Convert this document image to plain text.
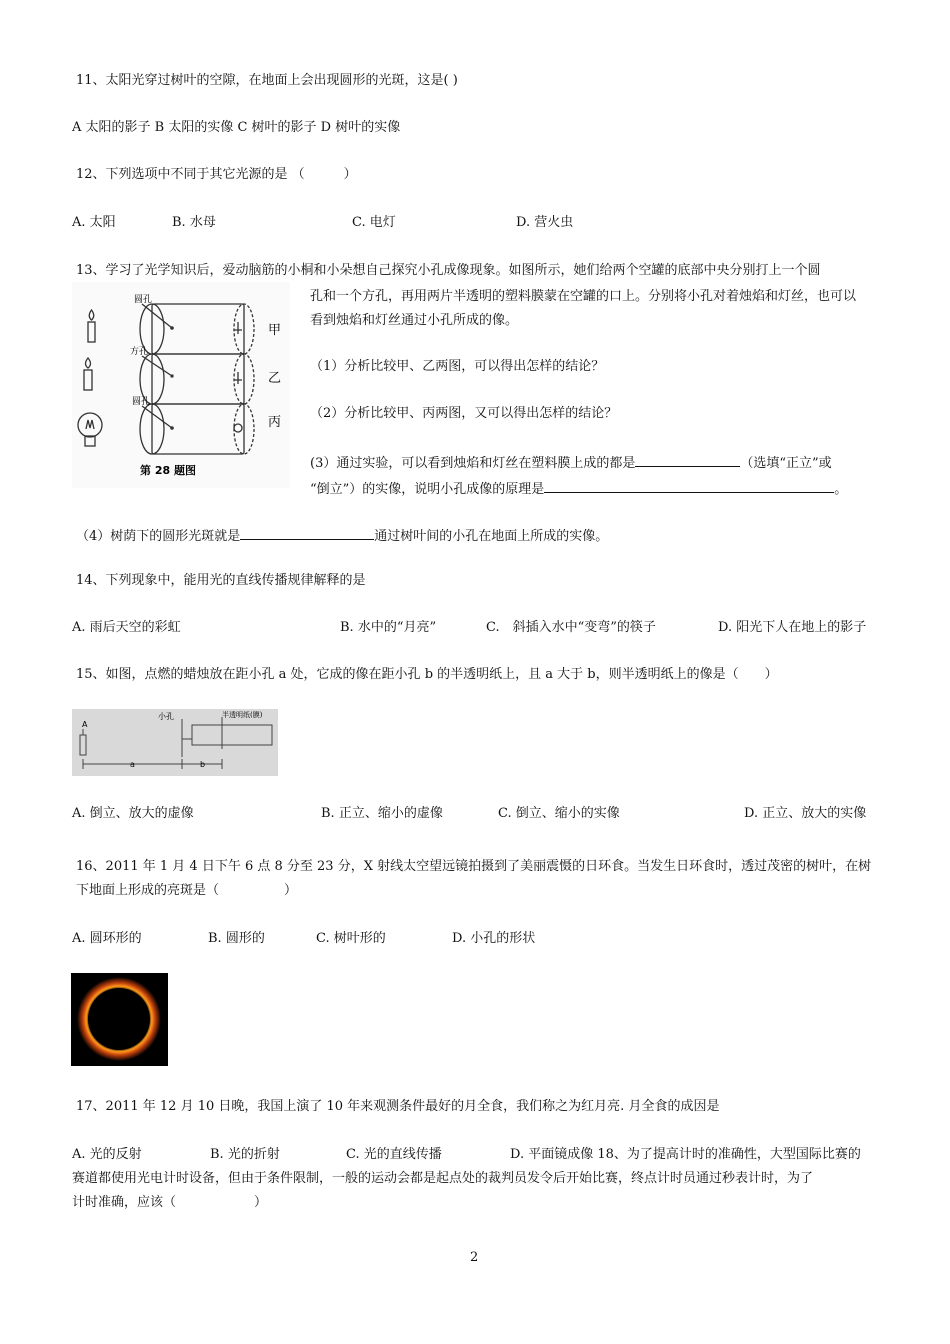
11、太阳光穿过树叶的空隙，在地面上会出现圆形的光斑，这是( )
A 太阳的影子 B 太阳的实像 C 树叶的影子 D 树叶的实像
12、下列选项中不同于其它光源的是 （　　　）
A. 太阳	B. 水母	C. 电灯	D. 营火虫
13、学习了光学知识后，爱动脑筋的小桐和小朵想自己探究小孔成像现象。如图所示，她们给两个空罐的底部中央分别打上一个圆
圆孔
方孔
圆孔
甲
乙
丙
第 28 题图
孔和一个方孔，再用两片半透明的塑料膜蒙在空罐的口上。分别将小孔对着烛焰和灯丝，也可以
看到烛焰和灯丝通过小孔所成的像。
（1）分析比较甲、乙两图，可以得出怎样的结论？
（2）分析比较甲、丙两图，又可以得出怎样的结论？
(3）通过实验，可以看到烛焰和灯丝在塑料膜上成的都是	（选填“正立”或
“倒立”）的实像，说明小孔成像的原理是	。
（4）树荫下的圆形光斑就是	通过树叶间的小孔在地面上所成的实像。
14、下列现象中，能用光的直线传播规律解释的是
A. 雨后天空的彩虹	B. 水中的“月亮”	C.　斜插入水中“变弯”的筷子	D. 阳光下人在地上的影子
15、如图，点燃的蜡烛放在距小孔 a 处，它成的像在距小孔 b 的半透明纸上，且 a 大于 b，则半透明纸上的像是（　　）
A
小孔	半透明纸(膜)
a	b
A. 倒立、放大的虚像	B. 正立、缩小的虚像	C. 倒立、缩小的实像	D. 正立、放大的实像
16、2011 年 1 月 4 日下午 6 点 8 分至 23 分，X 射线太空望远镜拍摄到了美丽震慑的日环食。当发生日环食时，透过茂密的树叶，在树
下地面上形成的亮斑是（　　　　　）
A. 圆环形的	B. 圆形的	C. 树叶形的	D. 小孔的形状
17、2011 年 12 月 10 日晚，我国上演了 10 年来观测条件最好的月全食，我们称之为红月亮. 月全食的成因是
A. 光的反射	B. 光的折射	C. 光的直线传播	D. 平面镜成像 18、为了提高计时的准确性，大型国际比赛的
赛道都使用光电计时设备，但由于条件限制，一般的运动会都是起点处的裁判员发令后开始比赛，终点计时员通过秒表计时，为了
计时准确，应该（　　　　　　）
2
